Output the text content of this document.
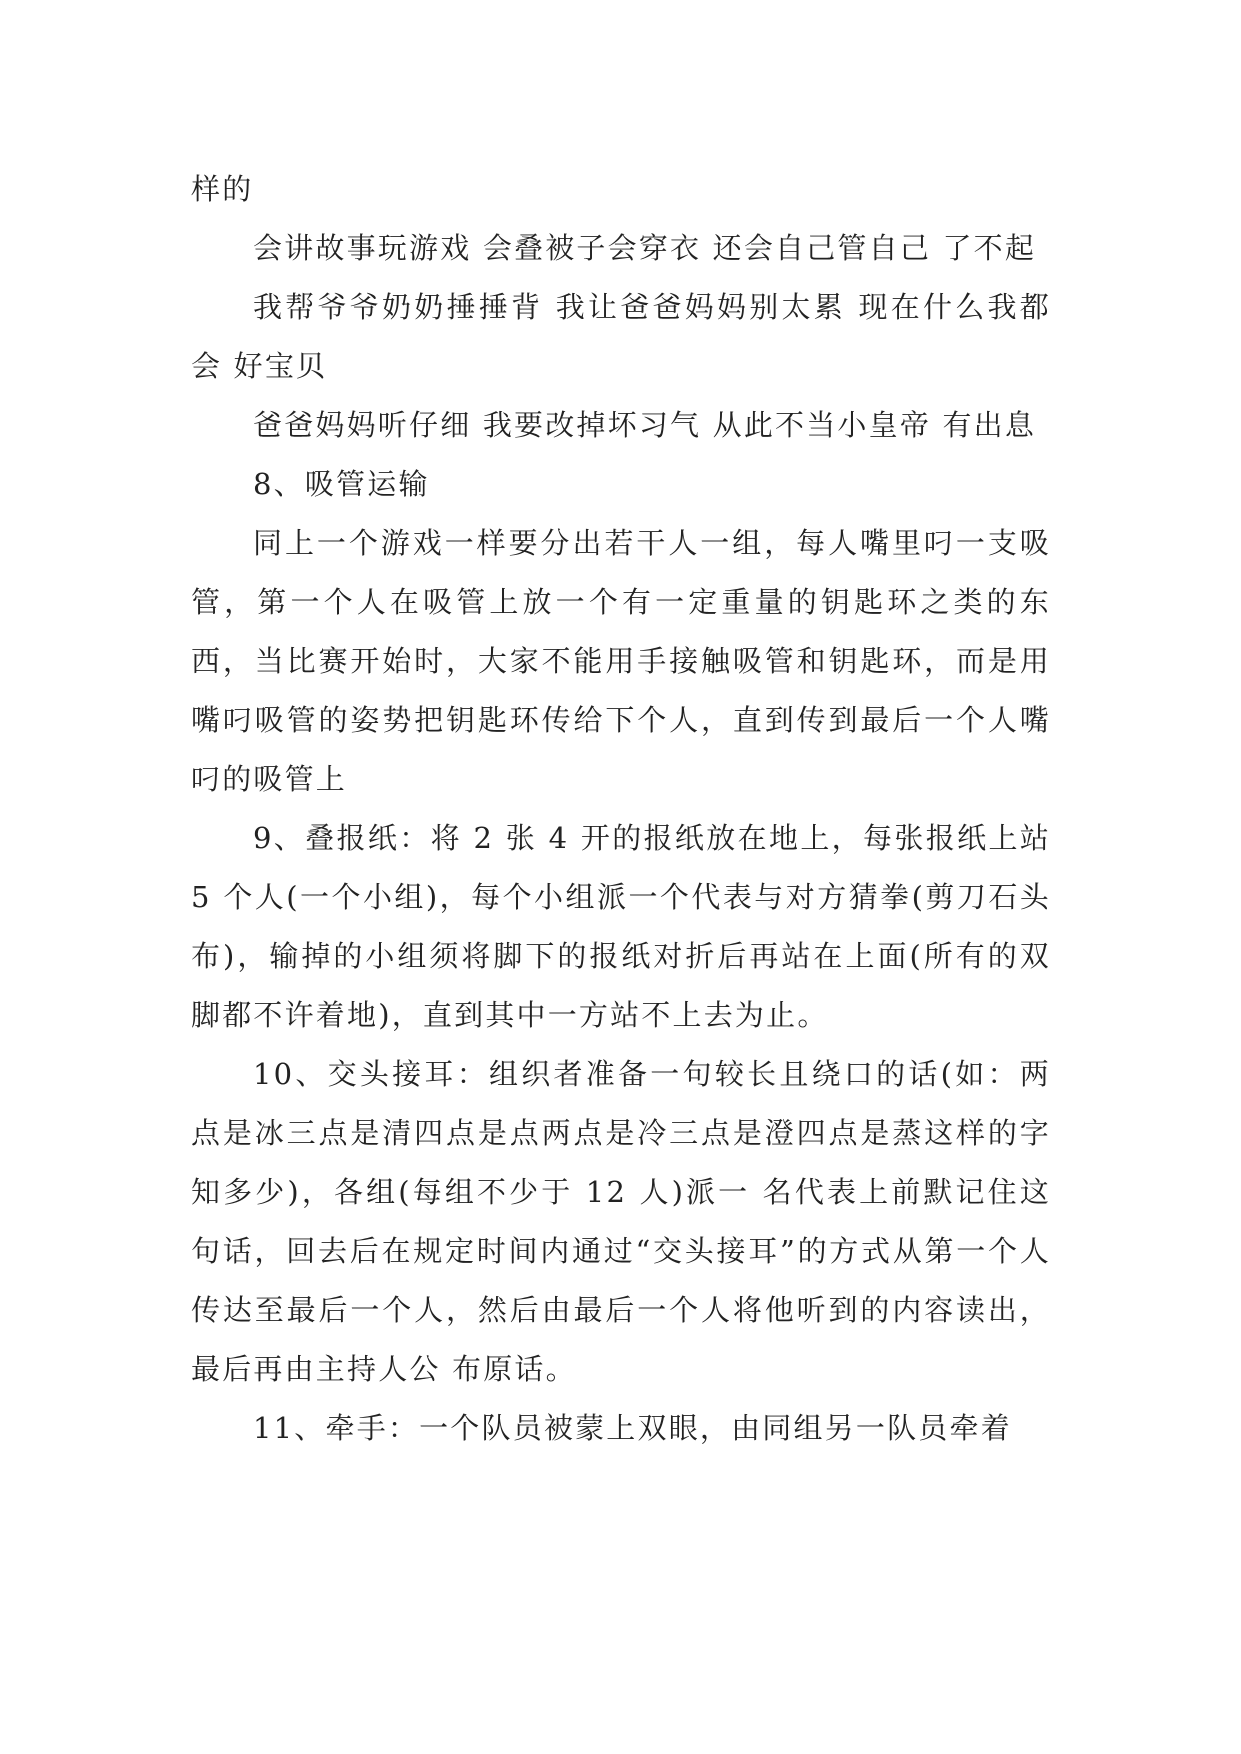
样的

会讲故事玩游戏 会叠被子会穿衣 还会自己管自己 了不起

我帮爷爷奶奶捶捶背 我让爸爸妈妈别太累 现在什么我都会 好宝贝

爸爸妈妈听仔细 我要改掉坏习气 从此不当小皇帝 有出息

8、吸管运输

同上一个游戏一样要分出若干人一组，每人嘴里叼一支吸管，第一个人在吸管上放一个有一定重量的钥匙环之类的东西，当比赛开始时，大家不能用手接触吸管和钥匙环，而是用嘴叼吸管的姿势把钥匙环传给下个人，直到传到最后一个人嘴叼的吸管上

9、叠报纸：将 2 张 4 开的报纸放在地上，每张报纸上站 5 个人(一个小组)，每个小组派一个代表与对方猜拳(剪刀石头布)，输掉的小组须将脚下的报纸对折后再站在上面(所有的双脚都不许着地)，直到其中一方站不上去为止。

10、交头接耳：组织者准备一句较长且绕口的话(如：两点是冰三点是清四点是点两点是冷三点是澄四点是蒸这样的字知多少)，各组(每组不少于 12 人)派一 名代表上前默记住这句话，回去后在规定时间内通过“交头接耳”的方式从第一个人传达至最后一个人，然后由最后一个人将他听到的内容读出，最后再由主持人公 布原话。

11、牵手：一个队员被蒙上双眼，由同组另一队员牵着
